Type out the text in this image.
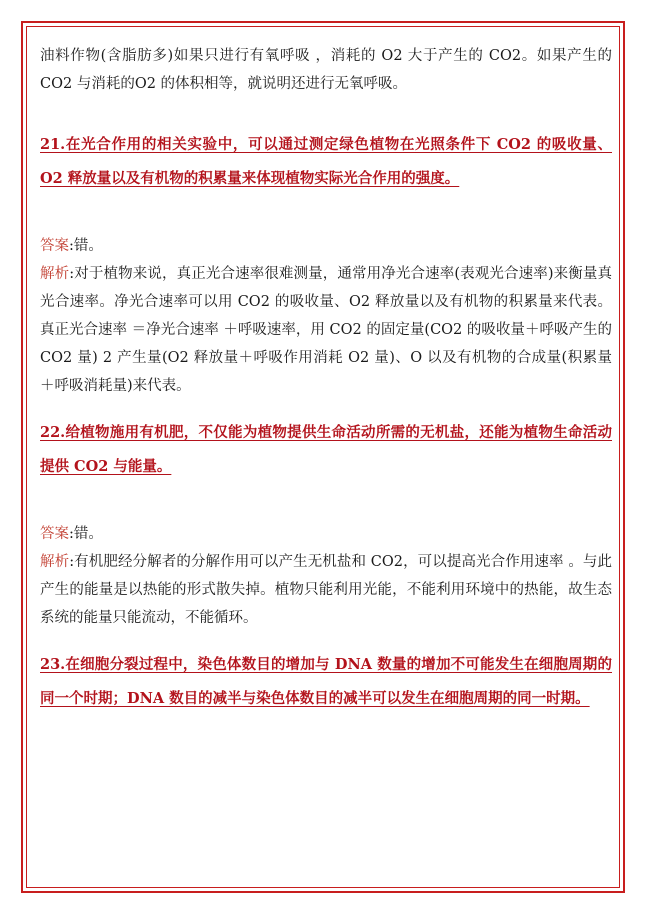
油料作物(含脂肪多)如果只进行有氧呼吸 ，消耗的 O2 大于产生的 CO2。如果产生的 CO2 与消耗的O2 的体积相等，就说明还进行无氧呼吸。

21.在光合作用的相关实验中，可以通过测定绿色植物在光照条件下 CO2 的吸收量、 O2 释放量以及有机物的积累量来体现植物实际光合作用的强度。

答案:错。

解析:对于植物来说，真正光合速率很难测量，通常用净光合速率(表观光合速率)来衡量真光合速率。净光合速率可以用 CO2 的吸收量、O2 释放量以及有机物的积累量来代表。真正光合速率 ＝净光合速率 ＋呼吸速率，用 CO2 的固定量(CO2 的吸收量＋呼吸产生的 CO2 量) 2 产生量(O2 释放量＋呼吸作用消耗 O2 量)、O 以及有机物的合成量(积累量 ＋呼吸消耗量)来代表。

22.给植物施用有机肥，不仅能为植物提供生命活动所需的无机盐，还能为植物生命活动提供 CO2 与能量。

答案:错。

解析:有机肥经分解者的分解作用可以产生无机盐和 CO2，可以提高光合作用速率 。与此产生的能量是以热能的形式散失掉。植物只能利用光能，不能利用环境中的热能，故生态系统的能量只能流动，不能循环。

23.在细胞分裂过程中，染色体数目的增加与 DNA 数量的增加不可能发生在细胞周期的同一个时期；DNA 数目的减半与染色体数目的减半可以发生在细胞周期的同一时期。
